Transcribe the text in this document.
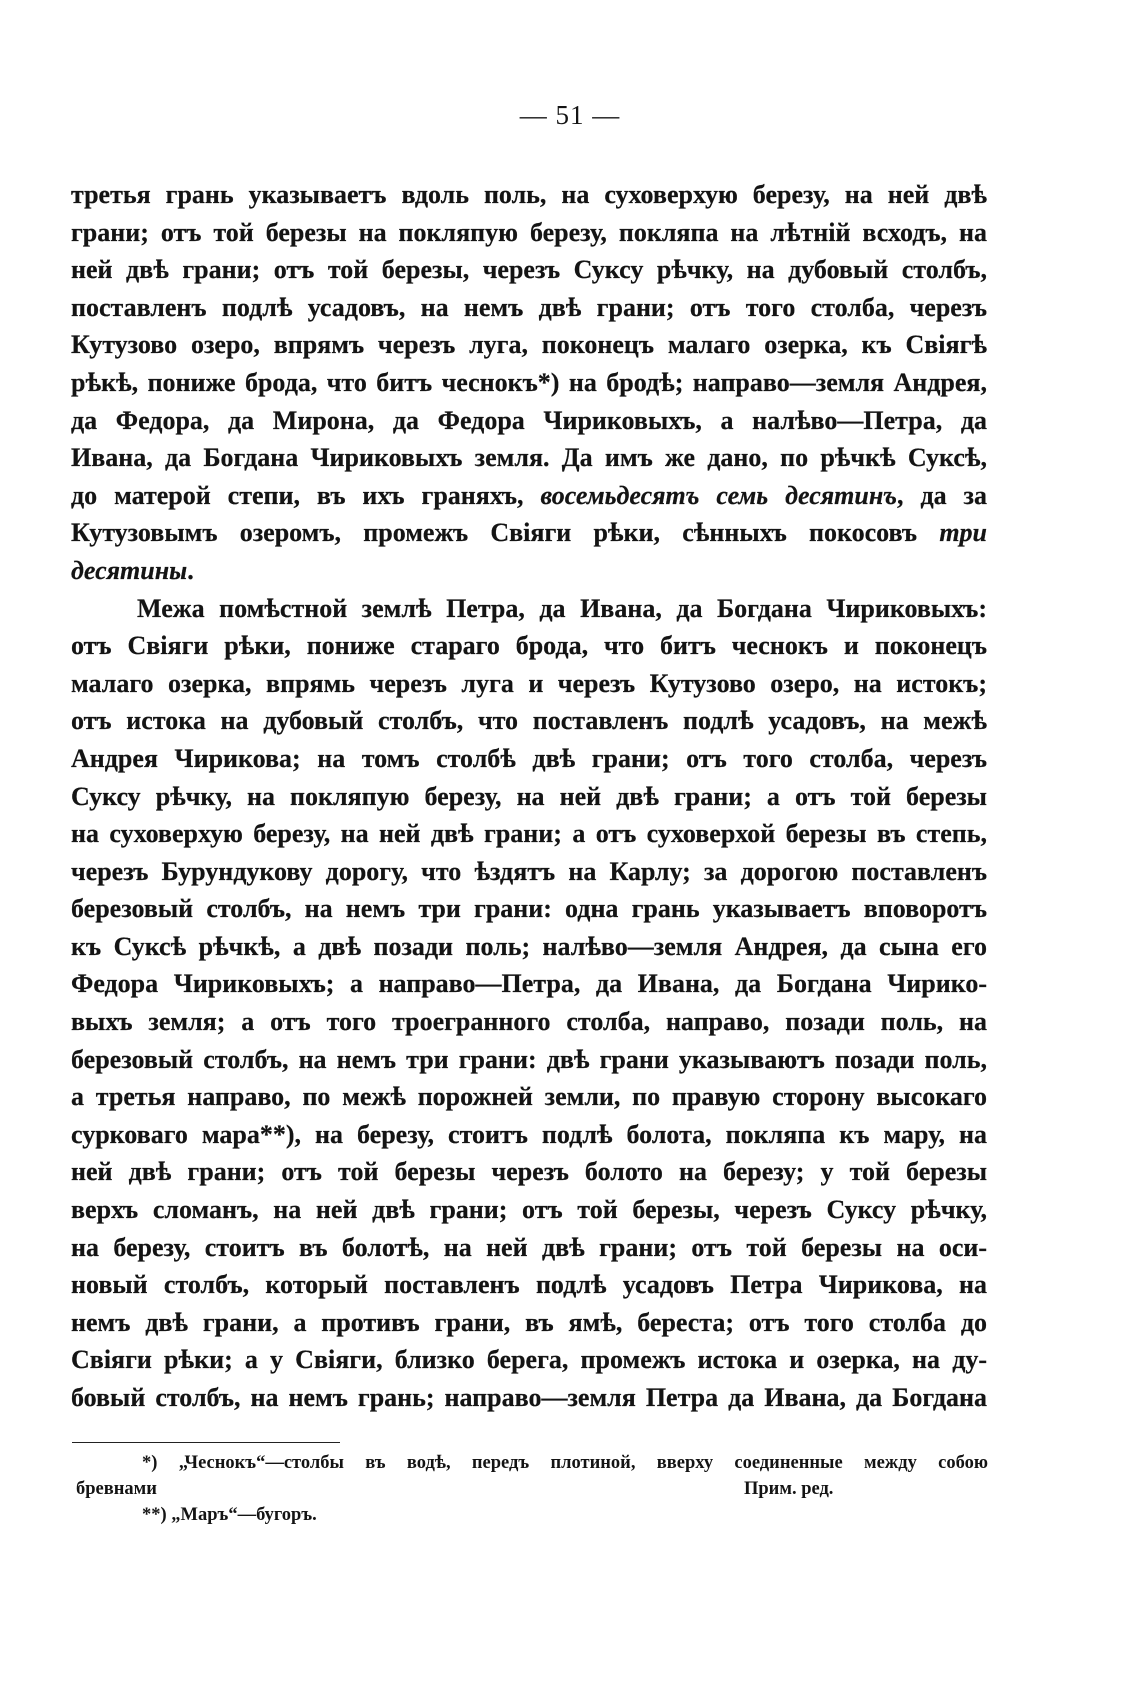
— 51 —
третья грань указываетъ вдоль поль, на суховерхую березу, на ней двѣ
грани; отъ той березы на покляпую березу, покляпа на лѣтній всходъ, на
ней двѣ грани; отъ той березы, черезъ Суксу рѣчку, на дубовый столбъ,
поставленъ подлѣ усадовъ, на немъ двѣ грани; отъ того столба, черезъ
Кутузово озеро, впрямъ черезъ луга, поконецъ малаго озерка, къ Свiягѣ
рѣкѣ, пониже брода, что битъ чеснокъ*) на бродѣ; направо—земля Андрея,
да Федора, да Мирона, да Федора Чириковыхъ, а налѣво—Петра, да
Ивана, да Богдана Чириковыхъ земля. Да имъ же дано, по рѣчкѣ Суксѣ,
до матерой степи, въ ихъ граняхъ, восемьдесятъ семь десятинъ, да за
Кутузовымъ озеромъ, промежъ Свiяги рѣки, сѣнныхъ покосовъ три
десятины.
Межа помѣстной землѣ Петра, да Ивана, да Богдана Чириковыхъ:
отъ Свiяги рѣки, пониже стараго брода, что битъ чеснокъ и поконецъ
малаго озерка, впрямь черезъ луга и черезъ Кутузово озеро, на истокъ;
отъ истока на дубовый столбъ, что поставленъ подлѣ усадовъ, на межѣ
Андрея Чирикова; на томъ столбѣ двѣ грани; отъ того столба, черезъ
Суксу рѣчку, на покляпую березу, на ней двѣ грани; а отъ той березы
на суховерхую березу, на ней двѣ грани; а отъ суховерхой березы въ степь,
черезъ Бурундукову дорогу, что ѣздятъ на Карлу; за дорогою поставленъ
березовый столбъ, на немъ три грани: одна грань указываетъ вповоротъ
къ Суксѣ рѣчкѣ, а двѣ позади поль; налѣво—земля Андрея, да сына его
Федора Чириковыхъ; а направо—Петра, да Ивана, да Богдана Чирико-
выхъ земля; а отъ того троегранного столба, направо, позади поль, на
березовый столбъ, на немъ три грани: двѣ грани указываютъ позади поль,
а третья направо, по межѣ порожней земли, по правую сторону высокаго
сурковаго мара**), на березу, стоитъ подлѣ болота, покляпа къ мару, на
ней двѣ грани; отъ той березы черезъ болото на березу; у той березы
верхъ сломанъ, на ней двѣ грани; отъ той березы, черезъ Суксу рѣчку,
на березу, стоитъ въ болотѣ, на ней двѣ грани; отъ той березы на оси-
новый столбъ, который поставленъ подлѣ усадовъ Петра Чирикова, на
немъ двѣ грани, а противъ грани, въ ямѣ, береста; отъ того столба до
Свiяги рѣки; а у Свiяги, близко берега, промежъ истока и озерка, на ду-
бовый столбъ, на немъ грань; направо—земля Петра да Ивана, да Богдана
*) „Чеснокъ“—столбы въ водѣ, передъ плотиной, вверху соединенные между собою
бревнами	Прим. ред.
**) „Маръ“—бугоръ.
